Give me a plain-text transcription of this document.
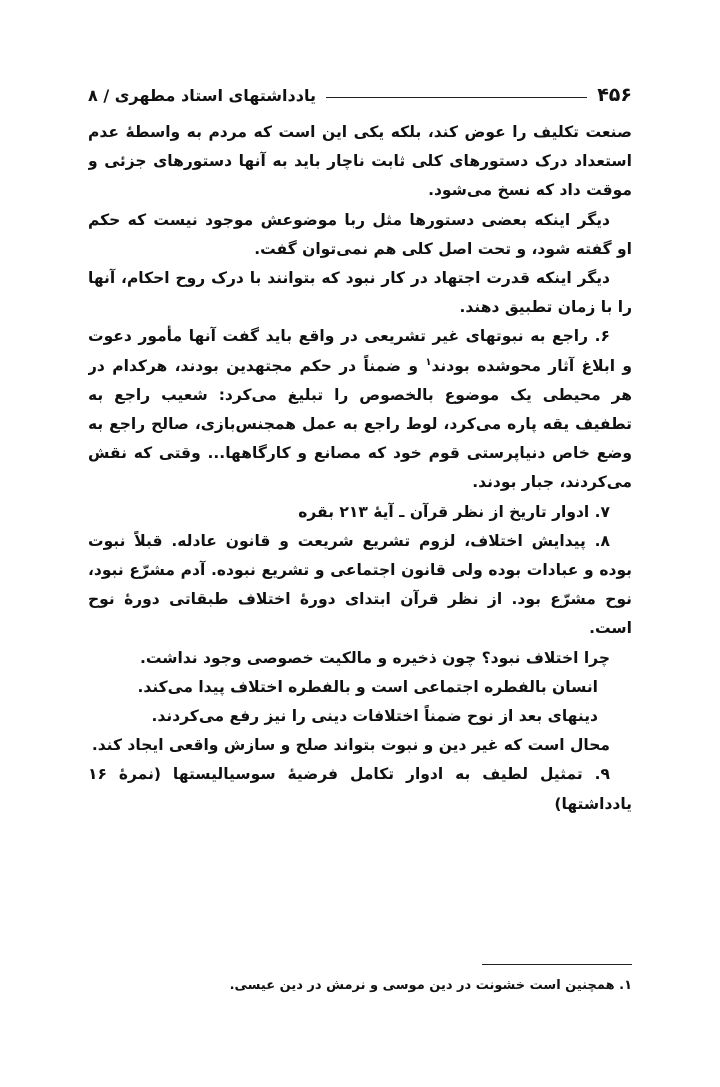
۴۵۶
یادداشتهای استاد مطهری / ۸

صنعت تکلیف را عوض کند، بلکه یکی این است که مردم به واسطهٔ عدم استعداد درک دستورهای کلی ثابت ناچار باید به آنها دستورهای جزئی و موقت داد که نسخ می‌شود.

دیگر اینکه بعضی دستورها مثل ربا موضوعش موجود نیست که حکم او گفته شود، و تحت اصل کلی هم نمی‌توان گفت.

دیگر اینکه قدرت اجتهاد در کار نبود که بتوانند با درک روح احکام، آنها را با زمان تطبیق دهند.

۶. راجع به نبوتهای غیر تشریعی در واقع باید گفت آنها مأمور دعوت و ابلاغ آثار محوشده بودند$^۱$ و ضمناً در حکم مجتهدین بودند، هرکدام در هر محیطی یک موضوع بالخصوص را تبلیغ می‌کرد: شعیب راجع به تطفیف یقه پاره می‌کرد، لوط راجع به عمل همجنس‌بازی، صالح راجع به وضع خاص دنیاپرستی قوم خود که مصانع و کارگاهها... وقتی که نقش می‌کردند، جبار بودند.

۷. ادوار تاریخ از نظر قرآن ـ آیهٔ ۲۱۳ بقره

۸. پیدایش اختلاف، لزوم تشریع شریعت و قانون عادله. قبلاً نبوت بوده و عبادات بوده ولی قانون اجتماعی و تشریع نبوده. آدم مشرّع نبود، نوح مشرّع بود. از نظر قرآن ابتدای دورهٔ اختلاف طبقاتی دورهٔ نوح است.

چرا اختلاف نبود؟ چون ذخیره و مالکیت خصوصی وجود نداشت.

انسان بالفطره اجتماعی است و بالفطره اختلاف پیدا می‌کند.

دینهای بعد از نوح ضمناً اختلافات دینی را نیز رفع می‌کردند.

محال است که غیر دین و نبوت بتواند صلح و سازش واقعی ایجاد کند.

۹. تمثیل لطیف به ادوار تکامل فرضیهٔ سوسیالیستها (نمرهٔ ۱۶ یادداشتها)

۱. همچنین است خشونت در دین موسی و نرمش در دین عیسی.
